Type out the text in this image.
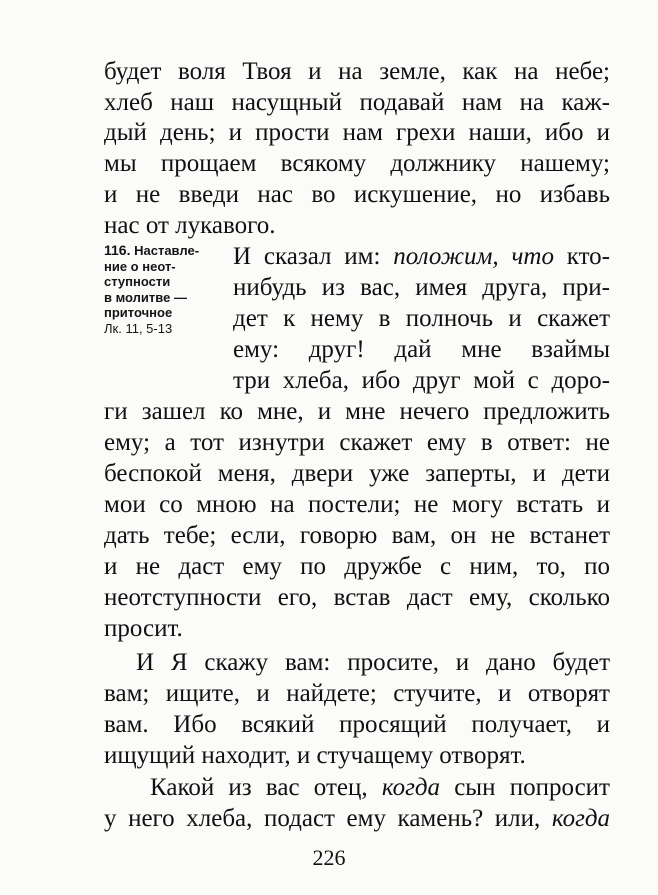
будет воля Твоя и на земле, как на небе;
хлеб наш насущный подавай нам на каж-
дый день; и прости нам грехи наши, ибо и
мы прощаем всякому должнику нашему;
и не введи нас во искушение, но избавь
нас от лукавого.
116. Наставле-
ние о неот-
ступности
в молитве —
приточное
Лк. 11, 5-13
И сказал им: положим, что кто-
нибудь из вас, имея друга, при-
дет к нему в полночь и скажет
ему: друг! дай мне взаймы
три хлеба, ибо друг мой с доро-
ги зашел ко мне, и мне нечего предложить
ему; а тот изнутри скажет ему в ответ: не
беспокой меня, двери уже заперты, и дети
мои со мною на постели; не могу встать и
дать тебе; если, говорю вам, он не встанет
и не даст ему по дружбе с ним, то, по
неотступности его, встав даст ему, сколько
просит.
И Я скажу вам: просите, и дано будет
вам; ищите, и найдете; стучите, и отворят
вам. Ибо всякий просящий получает, и
ищущий находит, и стучащему отворят.
Какой из вас отец, когда сын попросит
у него хлеба, подаст ему камень? или, когда
226
